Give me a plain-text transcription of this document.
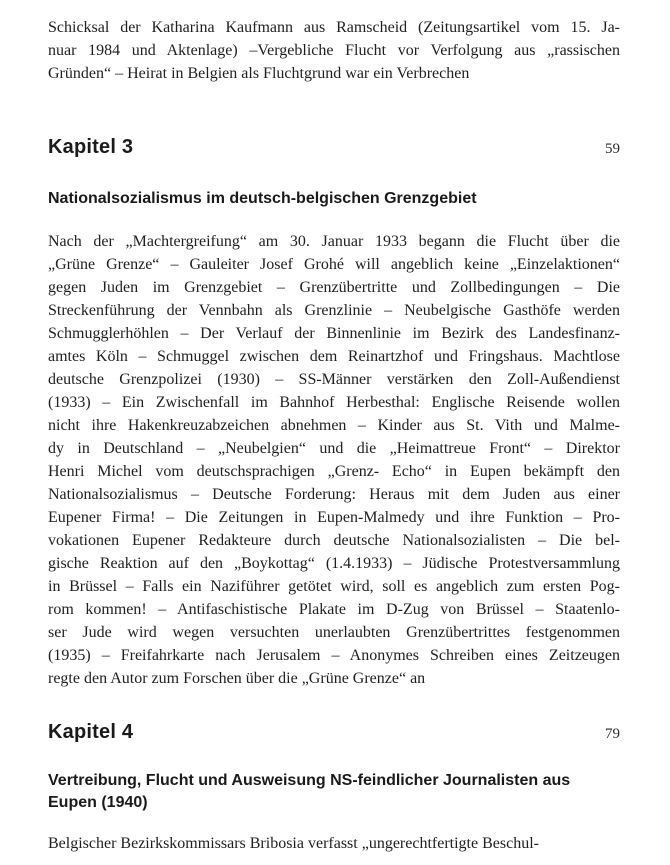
Schicksal der Katharina Kaufmann aus Ramscheid (Zeitungsartikel vom 15. Ja-
nuar 1984 und Aktenlage) –Vergebliche Flucht vor Verfolgung aus „rassischen
Gründen“ – Heirat in Belgien als Fluchtgrund war ein Verbrechen
Kapitel 3	59
Nationalsozialismus im deutsch-belgischen Grenzgebiet
Nach der „Machtergreifung“ am 30. Januar 1933 begann die Flucht über die
„Grüne Grenze“ – Gauleiter Josef Grohé will angeblich keine „Einzelaktionen“
gegen Juden im Grenzgebiet – Grenzübertritte und Zollbedingungen – Die
Streckenführung der Vennbahn als Grenzlinie – Neubelgische Gasthöfe werden
Schmugglerhöhlen – Der Verlauf der Binnenlinie im Bezirk des Landesfinanz-
amtes Köln – Schmuggel zwischen dem Reinartzhof und Fringshaus. Machtlose
deutsche Grenzpolizei (1930) – SS-Männer verstärken den Zoll-Außendienst
(1933) – Ein Zwischenfall im Bahnhof Herbesthal: Englische Reisende wollen
nicht ihre Hakenkreuzabzeichen abnehmen – Kinder aus St. Vith und Malme-
dy in Deutschland – „Neubelgien“ und die „Heimattreue Front“ – Direktor
Henri Michel vom deutschsprachigen „Grenz- Echo“ in Eupen bekämpft den
Nationalsozialismus – Deutsche Forderung: Heraus mit dem Juden aus einer
Eupener Firma! – Die Zeitungen in Eupen-Malmedy und ihre Funktion – Pro-
vokationen Eupener Redakteure durch deutsche Nationalsozialisten – Die bel-
gische Reaktion auf den „Boykottag“ (1.4.1933) – Jüdische Protestversammlung
in Brüssel – Falls ein Naziführer getötet wird, soll es angeblich zum ersten Pog-
rom kommen! – Antifaschistische Plakate im D-Zug von Brüssel – Staatenlo-
ser Jude wird wegen versuchten unerlaubten Grenzübertrittes festgenommen
(1935) – Freifahrkarte nach Jerusalem – Anonymes Schreiben eines Zeitzeugen
regte den Autor zum Forschen über die „Grüne Grenze“ an
Kapitel 4	79
Vertreibung, Flucht und Ausweisung NS-feindlicher Journalisten aus
Eupen (1940)
Belgischer Bezirkskommissars Bribosia verfasst „ungerechtfertigte Beschul-
